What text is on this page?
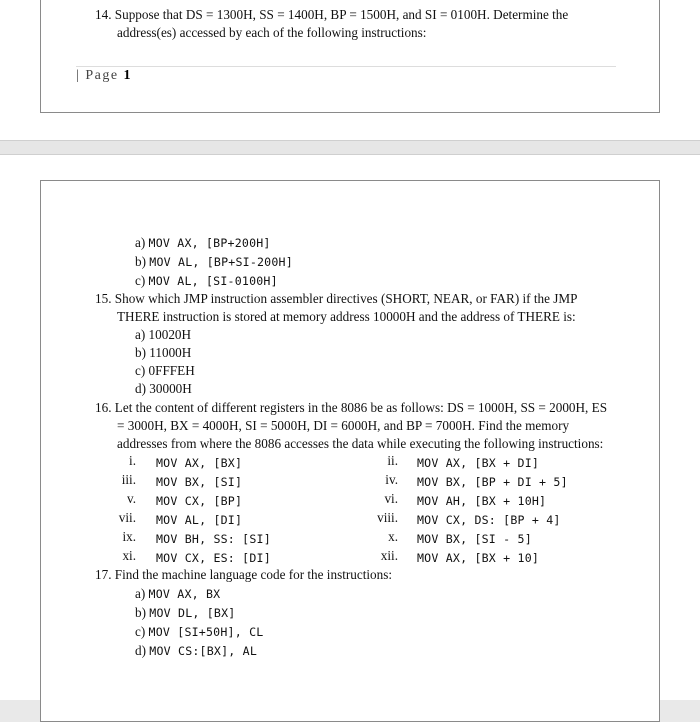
14. Suppose that DS = 1300H, SS = 1400H, BP = 1500H, and SI = 0100H. Determine the
address(es) accessed by each of the following instructions:
| Page 1
a) MOV AX, [BP+200H]
b) MOV AL, [BP+SI-200H]
c) MOV AL, [SI-0100H]
15. Show which JMP instruction assembler directives (SHORT, NEAR, or FAR) if the JMP
THERE instruction is stored at memory address 10000H and the address of THERE is:
a) 10020H
b) 11000H
c) 0FFFEH
d) 30000H
16. Let the content of different registers in the 8086 be as follows: DS = 1000H, SS = 2000H, ES
= 3000H, BX = 4000H, SI = 5000H, DI = 6000H, and BP = 7000H. Find the memory
addresses from where the 8086 accesses the data while executing the following instructions:
i. MOV AX, [BX]
iii. MOV BX, [SI]
v. MOV CX, [BP]
vii. MOV AL, [DI]
ix. MOV BH, SS: [SI]
xi. MOV CX, ES: [DI]
ii. MOV AX, [BX + DI]
iv. MOV BX, [BP + DI + 5]
vi. MOV AH, [BX + 10H]
viii. MOV CX, DS: [BP + 4]
x. MOV BX, [SI - 5]
xii. MOV AX, [BX + 10]
17. Find the machine language code for the instructions:
a) MOV AX, BX
b) MOV DL, [BX]
c) MOV [SI+50H], CL
d) MOV CS:[BX], AL
